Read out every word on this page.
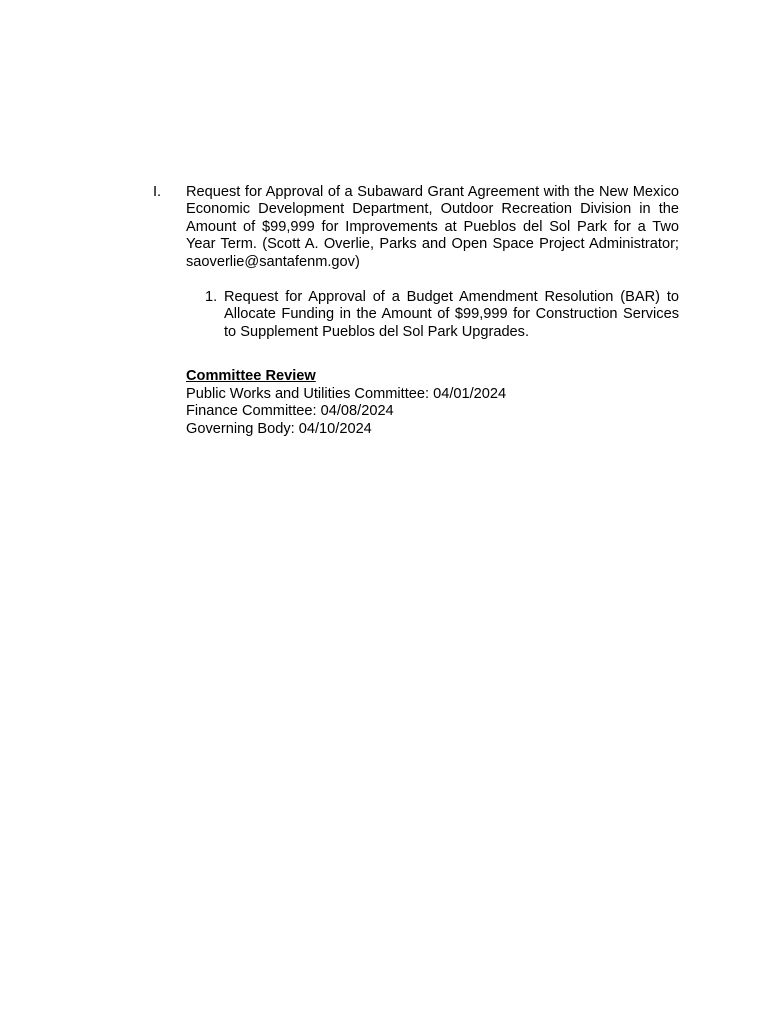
I. Request for Approval of a Subaward Grant Agreement with the New Mexico Economic Development Department, Outdoor Recreation Division in the Amount of $99,999 for Improvements at Pueblos del Sol Park for a Two Year Term. (Scott A. Overlie, Parks and Open Space Project Administrator; saoverlie@santafenm.gov)
1. Request for Approval of a Budget Amendment Resolution (BAR) to Allocate Funding in the Amount of $99,999 for Construction Services to Supplement Pueblos del Sol Park Upgrades.
Committee Review
Public Works and Utilities Committee: 04/01/2024
Finance Committee: 04/08/2024
Governing Body: 04/10/2024
